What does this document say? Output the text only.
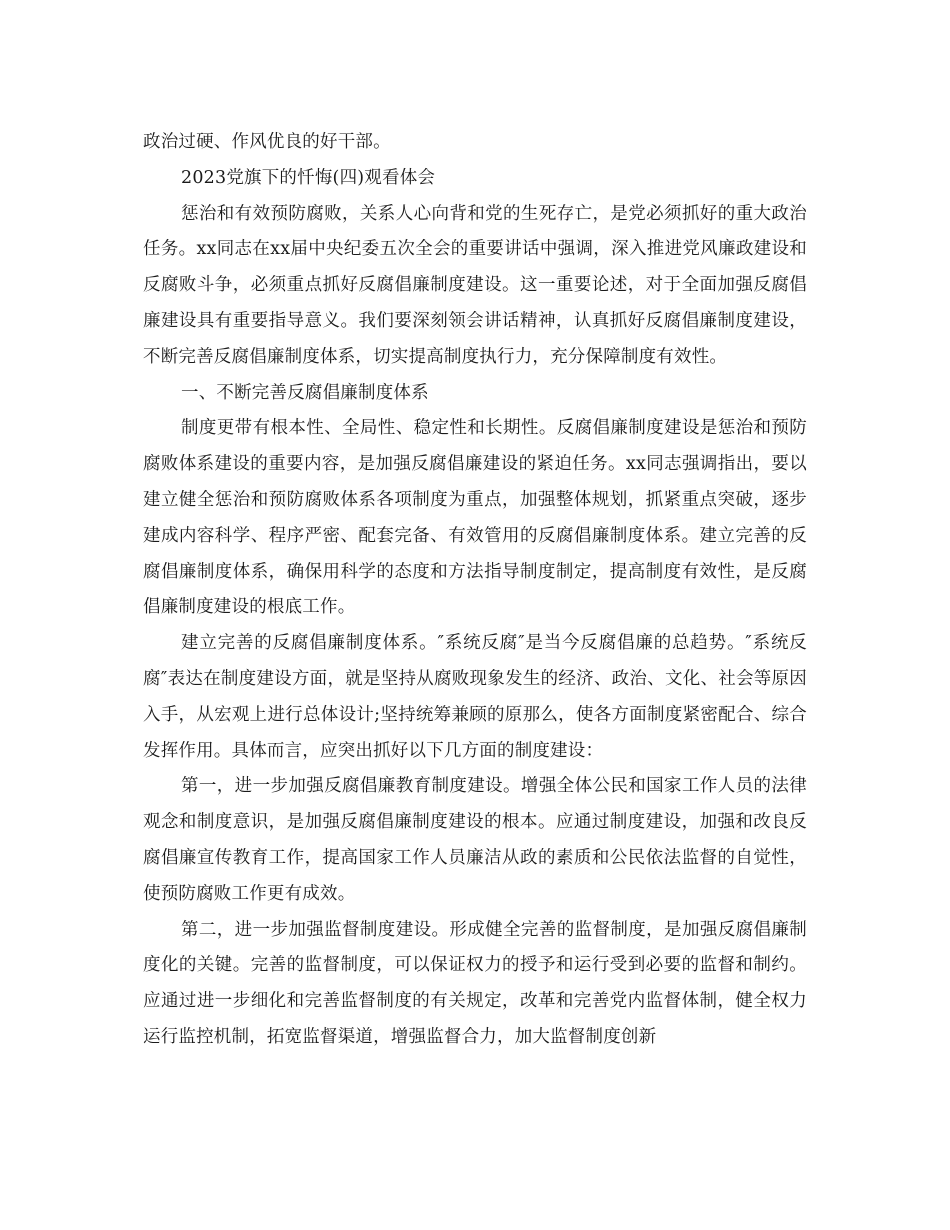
政治过硬、作风优良的好干部。

2023党旗下的忏悔(四)观看体会

惩治和有效预防腐败，关系人心向背和党的生死存亡，是党必须抓好的重大政治任务。xx同志在xx届中央纪委五次全会的重要讲话中强调，深入推进党风廉政建设和反腐败斗争，必须重点抓好反腐倡廉制度建设。这一重要论述，对于全面加强反腐倡廉建设具有重要指导意义。我们要深刻领会讲话精神，认真抓好反腐倡廉制度建设，不断完善反腐倡廉制度体系，切实提高制度执行力，充分保障制度有效性。

一、不断完善反腐倡廉制度体系

制度更带有根本性、全局性、稳定性和长期性。反腐倡廉制度建设是惩治和预防腐败体系建设的重要内容，是加强反腐倡廉建设的紧迫任务。xx同志强调指出，要以建立健全惩治和预防腐败体系各项制度为重点，加强整体规划，抓紧重点突破，逐步建成内容科学、程序严密、配套完备、有效管用的反腐倡廉制度体系。建立完善的反腐倡廉制度体系，确保用科学的态度和方法指导制度制定，提高制度有效性，是反腐倡廉制度建设的根底工作。

建立完善的反腐倡廉制度体系。″系统反腐″是当今反腐倡廉的总趋势。″系统反腐″表达在制度建设方面，就是坚持从腐败现象发生的经济、政治、文化、社会等原因入手，从宏观上进行总体设计;坚持统筹兼顾的原那么，使各方面制度紧密配合、综合发挥作用。具体而言，应突出抓好以下几方面的制度建设：

第一，进一步加强反腐倡廉教育制度建设。增强全体公民和国家工作人员的法律观念和制度意识，是加强反腐倡廉制度建设的根本。应通过制度建设，加强和改良反腐倡廉宣传教育工作，提高国家工作人员廉洁从政的素质和公民依法监督的自觉性，使预防腐败工作更有成效。

第二，进一步加强监督制度建设。形成健全完善的监督制度，是加强反腐倡廉制度化的关键。完善的监督制度，可以保证权力的授予和运行受到必要的监督和制约。应通过进一步细化和完善监督制度的有关规定，改革和完善党内监督体制，健全权力运行监控机制，拓宽监督渠道，增强监督合力，加大监督制度创新
